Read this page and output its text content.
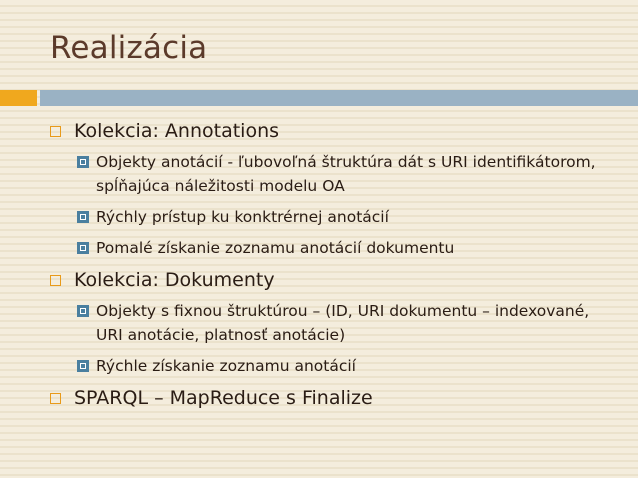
Realizácia
Kolekcia: Annotations
Objekty anotácií - ľubovoľná štruktúra dát s URI identifikátorom, spĺňajúca náležitosti modelu OA
Rýchly prístup ku konktrérnej anotácií
Pomalé získanie zoznamu anotácií dokumentu
Kolekcia: Dokumenty
Objekty s fixnou štruktúrou – (ID, URI dokumentu – indexované, URI anotácie, platnosť anotácie)
Rýchle získanie zoznamu anotácií
SPARQL – MapReduce s Finalize
